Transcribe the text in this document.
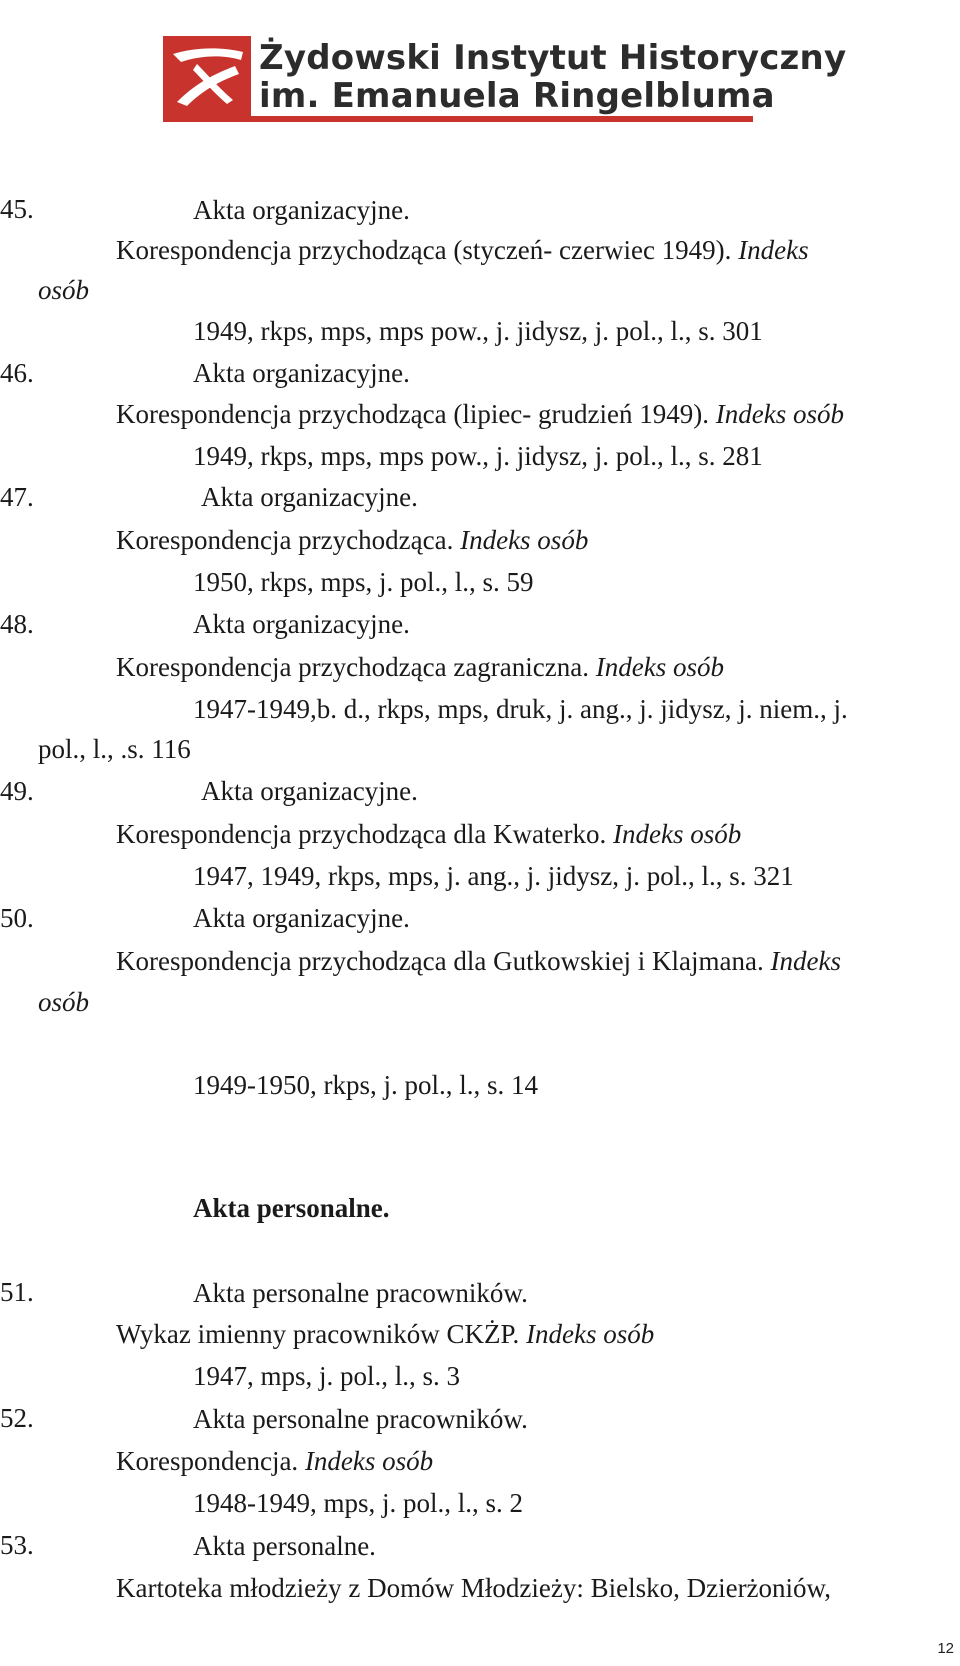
Żydowski Instytut Historyczny
im. Emanuela Ringelbluma
45.	Akta organizacyjne.
Korespondencja przychodząca (styczeń- czerwiec 1949). Indeks
osób
1949, rkps, mps, mps pow., j. jidysz, j. pol., l., s. 301
46.	Akta organizacyjne.
Korespondencja przychodząca (lipiec- grudzień 1949). Indeks osób
1949, rkps, mps, mps pow., j. jidysz, j. pol., l., s. 281
47.	Akta organizacyjne.
Korespondencja przychodząca. Indeks osób
1950, rkps, mps, j. pol., l., s. 59
48.	Akta organizacyjne.
Korespondencja przychodząca zagraniczna. Indeks osób
1947-1949,b. d., rkps, mps, druk, j. ang., j. jidysz, j. niem., j.
pol., l., .s. 116
49.	Akta organizacyjne.
Korespondencja przychodząca dla Kwaterko. Indeks osób
1947, 1949, rkps, mps, j. ang., j. jidysz, j. pol., l., s. 321
50.	Akta organizacyjne.
Korespondencja przychodząca dla Gutkowskiej i Klajmana. Indeks
osób
1949-1950, rkps, j. pol., l., s. 14
Akta personalne.
51.	Akta personalne pracowników.
Wykaz imienny pracowników CKŻP. Indeks osób
1947, mps, j. pol., l., s. 3
52.	Akta personalne pracowników.
Korespondencja. Indeks osób
1948-1949, mps, j. pol., l., s. 2
53.	Akta personalne.
Kartoteka młodzieży z Domów Młodzieży: Bielsko, Dzierżoniów,
12
